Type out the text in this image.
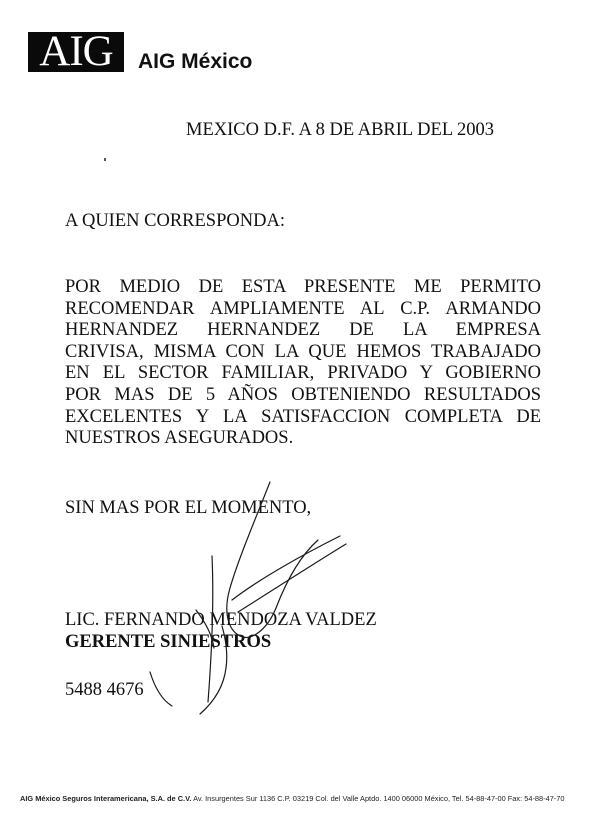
AIG	AIG México
MEXICO D.F. A 8 DE ABRIL DEL 2003
A QUIEN CORRESPONDA:
POR MEDIO DE ESTA PRESENTE ME PERMITO
RECOMENDAR AMPLIAMENTE AL C.P. ARMANDO
HERNANDEZ HERNANDEZ DE LA EMPRESA
CRIVISA, MISMA CON LA QUE HEMOS TRABAJADO
EN EL SECTOR FAMILIAR, PRIVADO Y GOBIERNO
POR MAS DE 5 AÑOS OBTENIENDO RESULTADOS
EXCELENTES Y LA SATISFACCION COMPLETA DE
NUESTROS ASEGURADOS.
SIN MAS POR EL MOMENTO,
LIC. FERNANDO MENDOZA VALDEZ
GERENTE SINIESTROS
5488 4676
AIG México Seguros Interamericana, S.A. de C.V. Av. Insurgentes Sur 1136 C.P. 03219 Col. del Valle Aptdo. 1400 06000 México, Tel. 54-88-47-00 Fax: 54-88-47-70
